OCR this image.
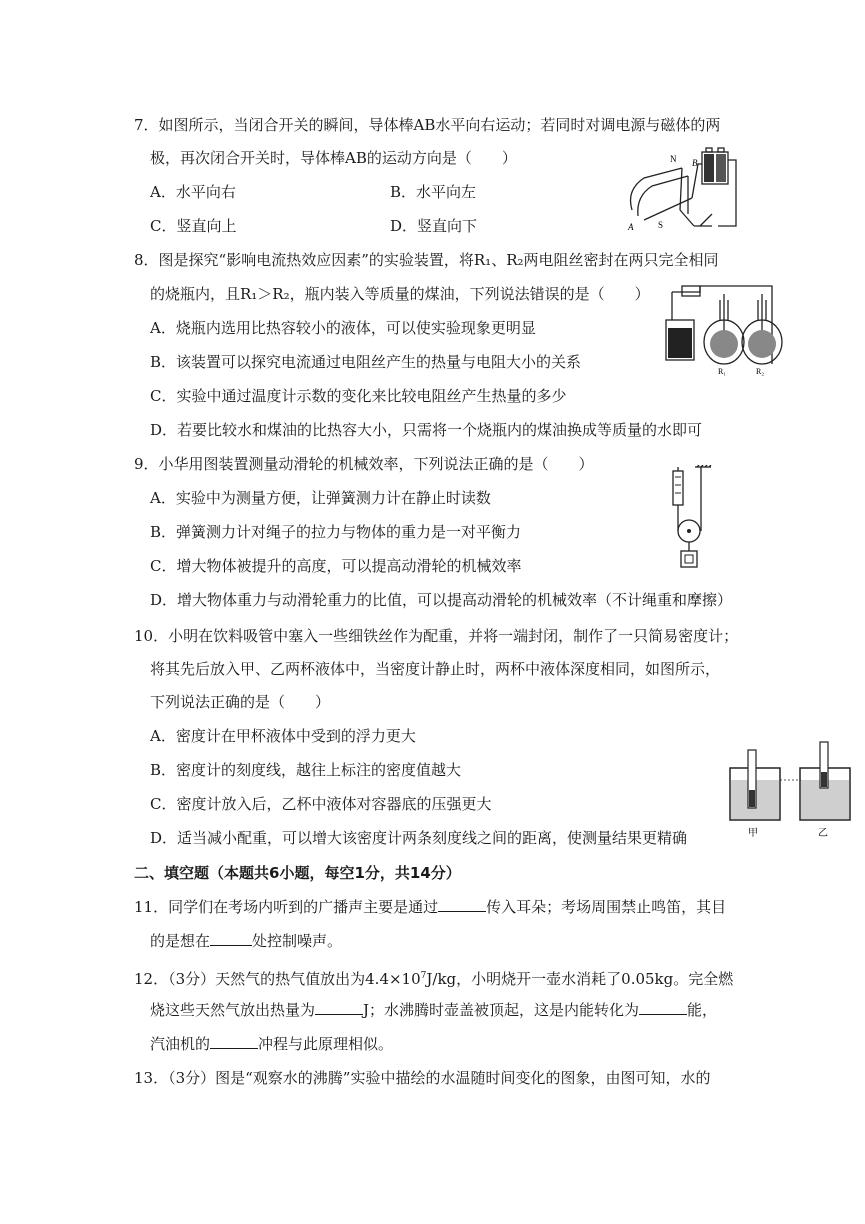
7．如图所示，当闭合开关的瞬间，导体棒AB水平向右运动；若同时对调电源与磁体的两
极，再次闭合开关时，导体棒AB的运动方向是（　　）
A．水平向右	B．水平向左
C．竖直向上	D．竖直向下
N B
A	S
8．图是探究“影响电流热效应因素”的实验装置，将R₁、R₂两电阻丝密封在两只完全相同
的烧瓶内，且R₁＞R₂，瓶内装入等质量的煤油，下列说法错误的是（　　）
A．烧瓶内选用比热容较小的液体，可以使实验现象更明显
B．该装置可以探究电流通过电阻丝产生的热量与电阻大小的关系
C．实验中通过温度计示数的变化来比较电阻丝产生热量的多少
D．若要比较水和煤油的比热容大小，只需将一个烧瓶内的煤油换成等质量的水即可
R₁	R₂
9．小华用图装置测量动滑轮的机械效率，下列说法正确的是（　　）
A．实验中为测量方便，让弹簧测力计在静止时读数
B．弹簧测力计对绳子的拉力与物体的重力是一对平衡力
C．增大物体被提升的高度，可以提高动滑轮的机械效率
D．增大物体重力与动滑轮重力的比值，可以提高动滑轮的机械效率（不计绳重和摩擦）
10．小明在饮料吸管中塞入一些细铁丝作为配重，并将一端封闭，制作了一只简易密度计；
将其先后放入甲、乙两杯液体中，当密度计静止时，两杯中液体深度相同，如图所示，
下列说法正确的是（　　）
A．密度计在甲杯液体中受到的浮力更大
B．密度计的刻度线，越往上标注的密度值越大
C．密度计放入后，乙杯中液体对容器底的压强更大
D．适当减小配重，可以增大该密度计两条刻度线之间的距离，使测量结果更精确	甲	乙
二、填空题（本题共6小题，每空1分，共14分）
11．同学们在考场内听到的广播声主要是通过	传入耳朵；考场周围禁止鸣笛，其目
的是想在	处控制噪声。
12．（3分）天然气的热气值放出为$4.4\times 10^7J/kg$，小明烧开一壶水消耗了0.05kg。完全燃
烧这些天然气放出热量为	J；水沸腾时壶盖被顶起，这是内能转化为	能，
汽油机的	冲程与此原理相似。
13．（3分）图是“观察水的沸腾”实验中描绘的水温随时间变化的图象，由图可知，水的
